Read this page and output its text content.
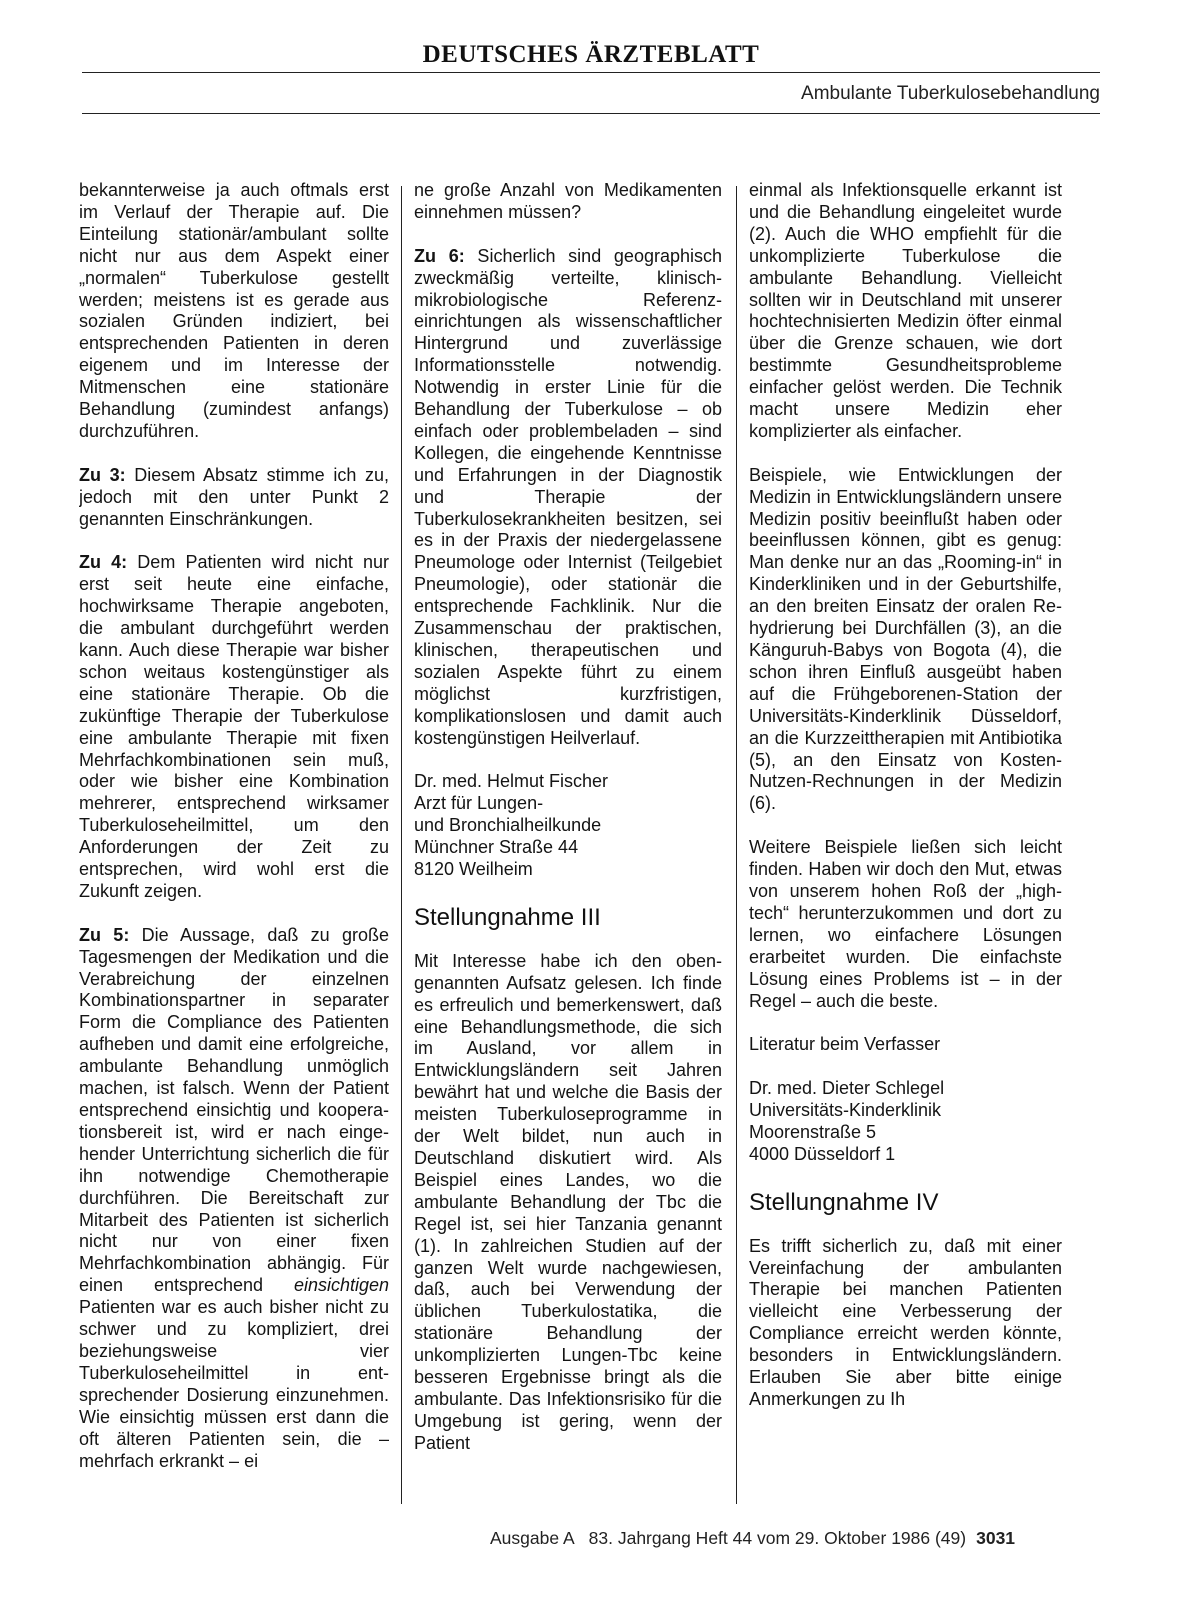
DEUTSCHES ÄRZTEBLATT
Ambulante Tuberkulosebehandlung

bekannterweise ja auch oftmals erst im Verlauf der Therapie auf. Die Einteilung stationär/ambulant sollte nicht nur aus dem Aspekt einer „normalen“ Tuberkulose gestellt werden; meistens ist es gerade aus sozialen Gründen indiziert, bei entsprechenden Patienten in deren eigenem und im Interesse der Mitmenschen eine stationäre Behandlung (zumindest anfangs) durchzuführen.

Zu 3: Diesem Absatz stimme ich zu, jedoch mit den unter Punkt 2 genannten Einschränkungen.

Zu 4: Dem Patienten wird nicht nur erst seit heute eine einfache, hochwirksame Therapie angeboten, die ambulant durchgeführt werden kann. Auch diese Therapie war bisher schon weitaus kostengünstiger als eine stationäre Therapie. Ob die zukünftige Therapie der Tuberkulose eine ambulante Therapie mit fixen Mehrfachkombinationen sein muß, oder wie bisher eine Kombination mehrerer, entsprechend wirksamer Tuberkuloseheilmittel, um den Anforderungen der Zeit zu entsprechen, wird wohl erst die Zukunft zeigen.

Zu 5: Die Aussage, daß zu große Tagesmengen der Medikation und die Verabreichung der einzelnen Kombinationspartner in separater Form die Compliance des Patienten aufheben und damit eine erfolgreiche, ambulante Behandlung unmöglich machen, ist falsch. Wenn der Patient entsprechend einsichtig und kooperationsbereit ist, wird er nach eingehender Unterrichtung sicherlich die für ihn notwendige Chemotherapie durchführen. Die Bereitschaft zur Mitarbeit des Patienten ist sicherlich nicht nur von einer fixen Mehrfachkombination abhängig. Für einen entsprechend einsichtigen Patienten war es auch bisher nicht zu schwer und zu kompliziert, drei beziehungsweise vier Tuberkuloseheilmittel in entsprechender Dosierung einzunehmen. Wie einsichtig müssen erst dann die oft älteren Patienten sein, die – mehrfach erkrankt – ei

ne große Anzahl von Medikamenten einnehmen müssen?

Zu 6: Sicherlich sind geographisch zweckmäßig verteilte, klinisch-mikrobiologische Referenzeinrichtungen als wissenschaftlicher Hintergrund und zuverlässige Informationsstelle notwendig. Notwendig in erster Linie für die Behandlung der Tuberkulose – ob einfach oder problembeladen – sind Kollegen, die eingehende Kenntnisse und Erfahrungen in der Diagnostik und Therapie der Tuberkulosekrankheiten besitzen, sei es in der Praxis der niedergelassene Pneumologe oder Internist (Teilgebiet Pneumologie), oder stationär die entsprechende Fachklinik. Nur die Zusammenschau der praktischen, klinischen, therapeutischen und sozialen Aspekte führt zu einem möglichst kurzfristigen, komplikationslosen und damit auch kostengünstigen Heilverlauf.

Dr. med. Helmut Fischer
Arzt für Lungen-
und Bronchialheilkunde
Münchner Straße 44
8120 Weilheim

Stellungnahme III

Mit Interesse habe ich den obengenannten Aufsatz gelesen. Ich finde es erfreulich und bemerkenswert, daß eine Behandlungsmethode, die sich im Ausland, vor allem in Entwicklungsländern seit Jahren bewährt hat und welche die Basis der meisten Tuberkuloseprogramme in der Welt bildet, nun auch in Deutschland diskutiert wird. Als Beispiel eines Landes, wo die ambulante Behandlung der Tbc die Regel ist, sei hier Tanzania genannt (1). In zahlreichen Studien auf der ganzen Welt wurde nachgewiesen, daß, auch bei Verwendung der üblichen Tuberkulostatika, die stationäre Behandlung der unkomplizierten Lungen-Tbc keine besseren Ergebnisse bringt als die ambulante. Das Infektionsrisiko für die Umgebung ist gering, wenn der Patient

einmal als Infektionsquelle erkannt ist und die Behandlung eingeleitet wurde (2). Auch die WHO empfiehlt für die unkomplizierte Tuberkulose die ambulante Behandlung. Vielleicht sollten wir in Deutschland mit unserer hochtechnisierten Medizin öfter einmal über die Grenze schauen, wie dort bestimmte Gesundheitsprobleme einfacher gelöst werden. Die Technik macht unsere Medizin eher komplizierter als einfacher.

Beispiele, wie Entwicklungen der Medizin in Entwicklungsländern unsere Medizin positiv beeinflußt haben oder beeinflussen können, gibt es genug: Man denke nur an das „Rooming-in“ in Kinderkliniken und in der Geburtshilfe, an den breiten Einsatz der oralen Rehydrierung bei Durchfällen (3), an die Känguruh-Babys von Bogota (4), die schon ihren Einfluß ausgeübt haben auf die Frühgeborenen-Station der Universitäts-Kinderklinik Düsseldorf, an die Kurzzeittherapien mit Antibiotika (5), an den Einsatz von Kosten-Nutzen-Rechnungen in der Medizin (6).

Weitere Beispiele ließen sich leicht finden. Haben wir doch den Mut, etwas von unserem hohen Roß der „high-tech“ herunterzukommen und dort zu lernen, wo einfachere Lösungen erarbeitet wurden. Die einfachste Lösung eines Problems ist – in der Regel – auch die beste.

Literatur beim Verfasser

Dr. med. Dieter Schlegel
Universitäts-Kinderklinik
Moorenstraße 5
4000 Düsseldorf 1

Stellungnahme IV

Es trifft sicherlich zu, daß mit einer Vereinfachung der ambulanten Therapie bei manchen Patienten vielleicht eine Verbesserung der Compliance erreicht werden könnte, besonders in Entwicklungsländern. Erlauben Sie aber bitte einige Anmerkungen zu Ih

Ausgabe A 83. Jahrgang Heft 44 vom 29. Oktober 1986 (49) 3031
